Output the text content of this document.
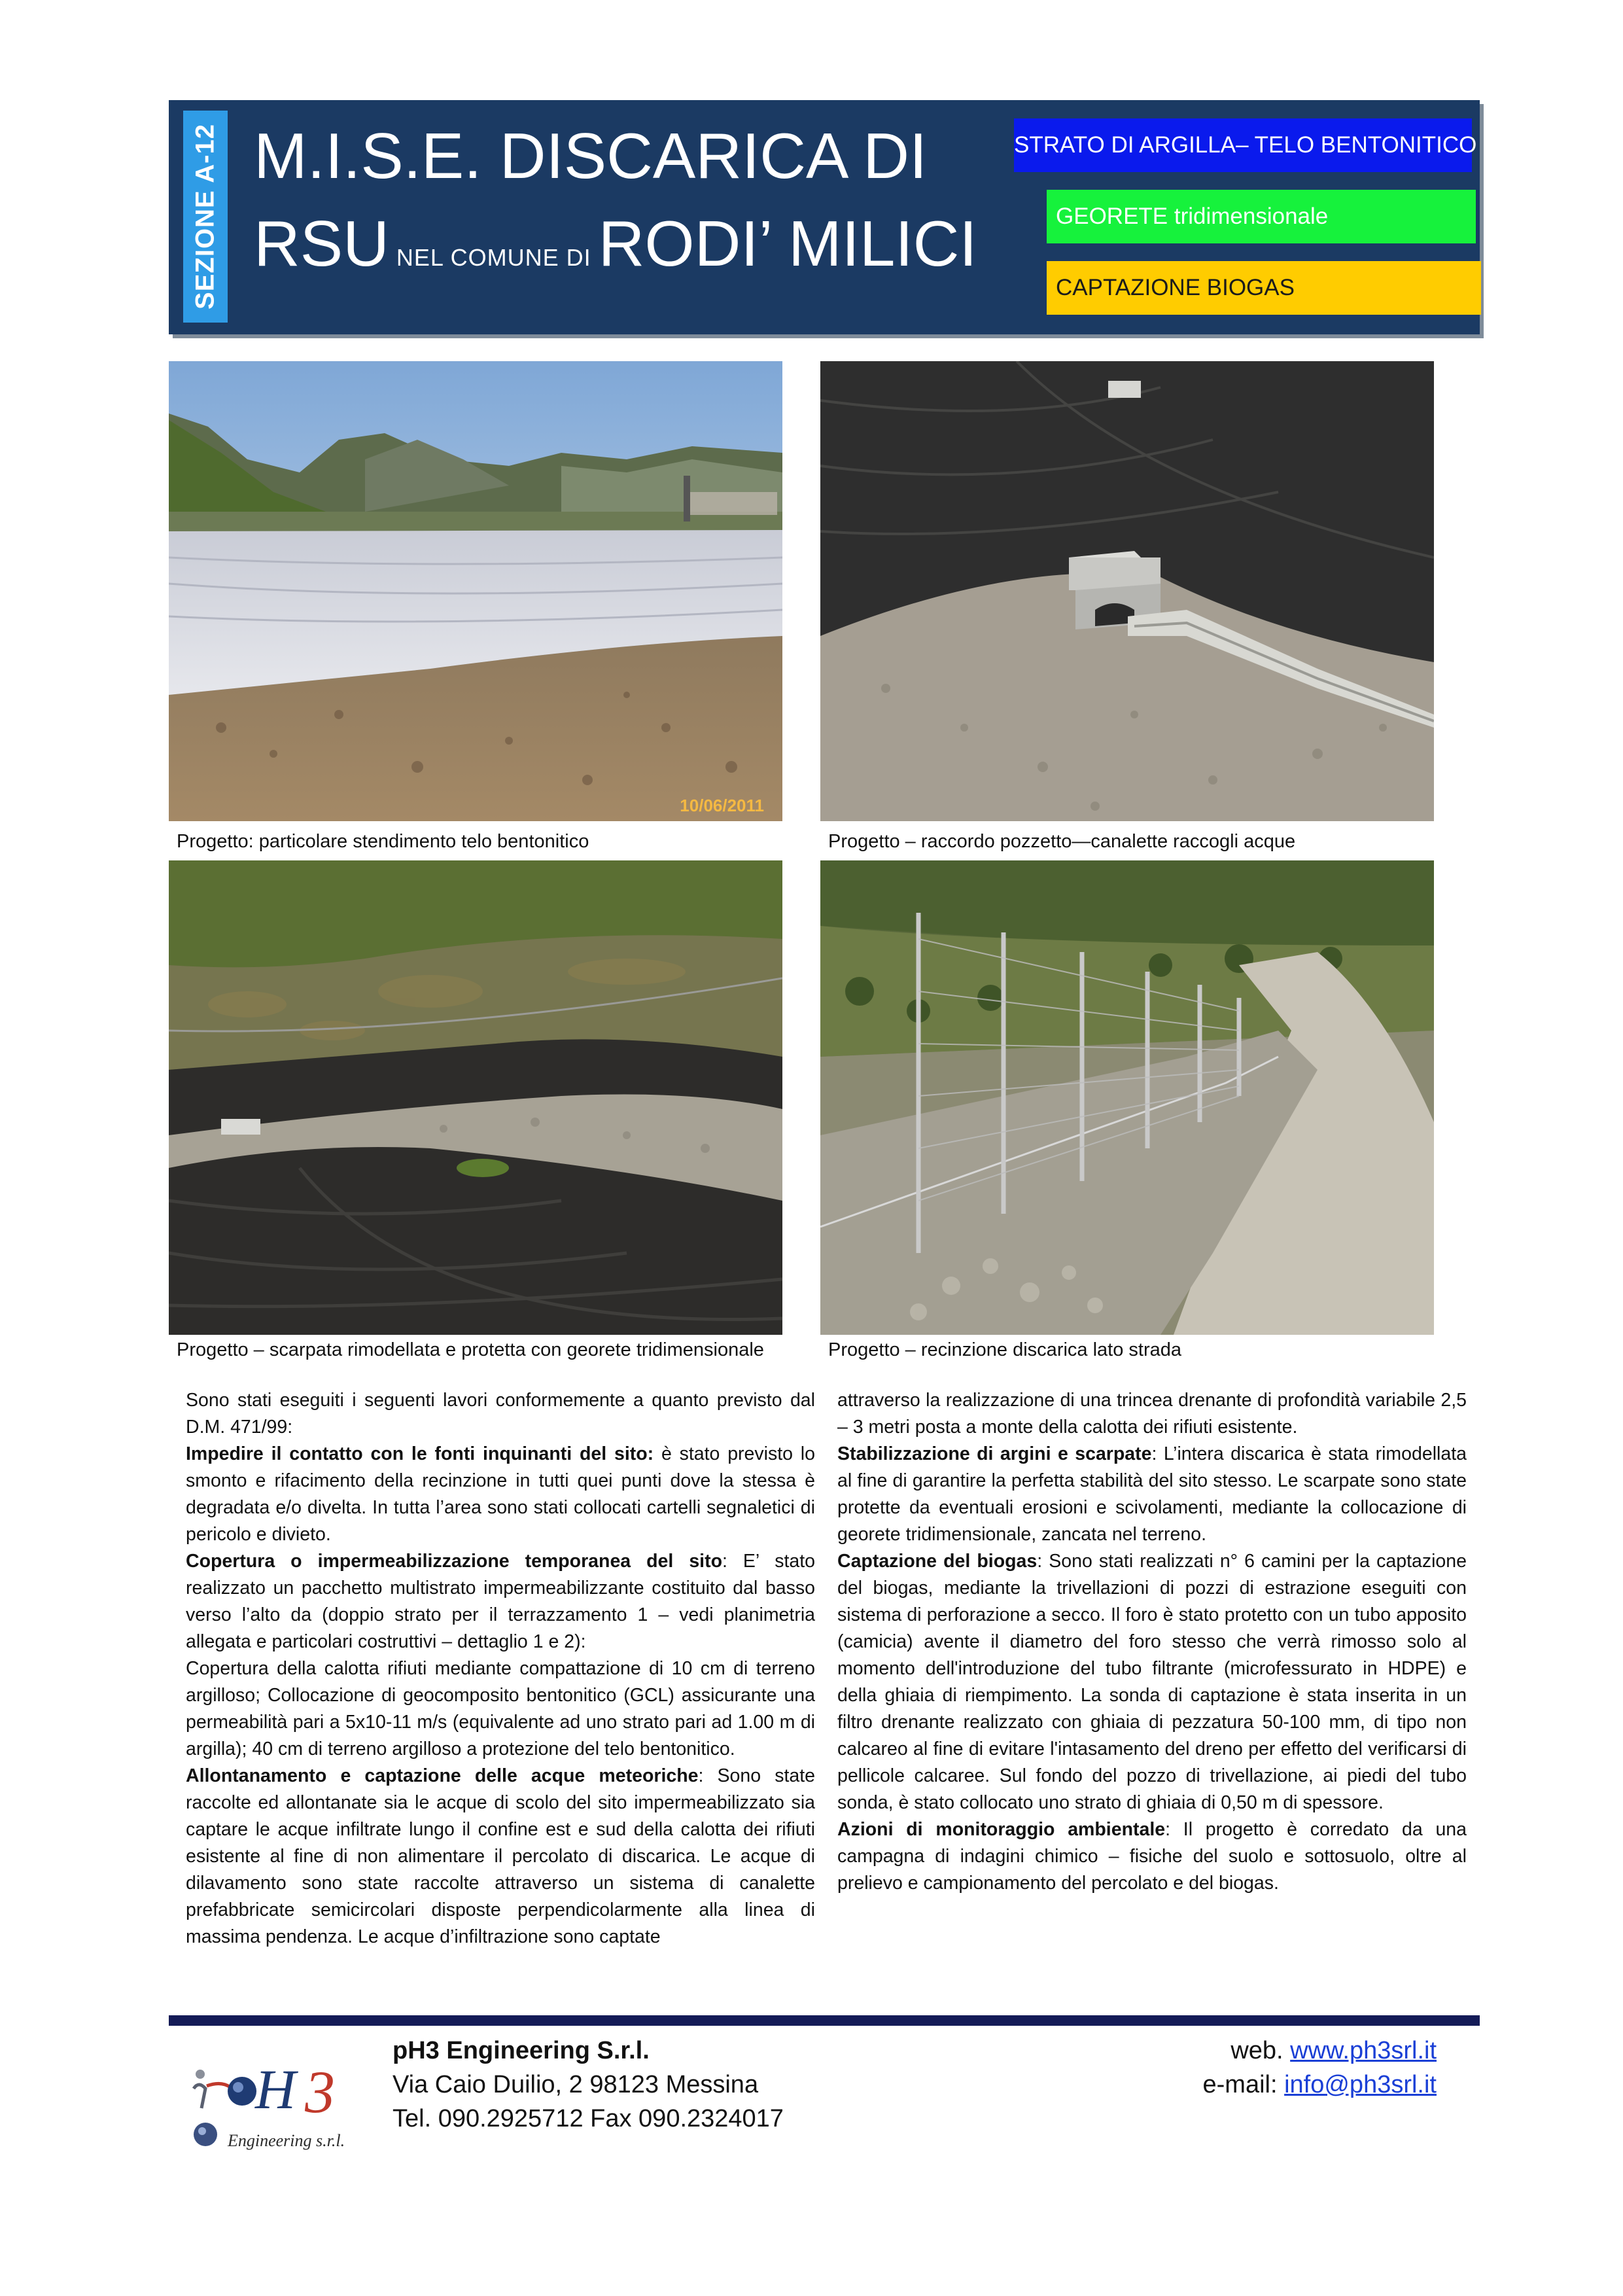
SEZIONE A-12 M.I.S.E. DISCARICA DI
RSU NEL COMUNE DI RODI’ MILICI
STRATO DI ARGILLA– TELO BENTONITICO
GEORETE tridimensionale
CAPTAZIONE BIOGAS
10/06/2011
Progetto: particolare stendimento telo bentonitico	Progetto – raccordo pozzetto—canalette raccogli acque
Progetto – scarpata rimodellata e protetta con georete tridimensionale	Progetto – recinzione discarica lato strada

Sono stati eseguiti i seguenti lavori conformemente a quanto previsto dal D.M. 471/99:

Impedire il contatto con le fonti inquinanti del sito: è stato previsto lo smonto e rifacimento della recinzione in tutti quei punti dove la stessa è degradata e/o divelta. In tutta l’area sono stati collocati cartelli segnaletici di pericolo e divieto.

Copertura o impermeabilizzazione temporanea del sito: E’ stato realizzato un pacchetto multistrato impermeabilizzante costituito dal basso verso l’alto da (doppio strato per il terrazzamento 1 – vedi planimetria allegata e particolari costruttivi – dettaglio 1 e 2):

Copertura della calotta rifiuti mediante compattazione di 10 cm di terreno argilloso; Collocazione di geocomposito bentonitico (GCL) assicurante una permeabilità pari a 5x10-11 m/s (equivalente ad uno strato pari ad 1.00 m di argilla); 40 cm di terreno argilloso a protezione del telo bentonitico.

Allontanamento e captazione delle acque meteoriche: Sono state raccolte ed allontanate sia le acque di scolo del sito impermeabilizzato sia captare le acque infiltrate lungo il confine est e sud della calotta dei rifiuti esistente al fine di non alimentare il percolato di discarica. Le acque di dilavamento sono state raccolte attraverso un sistema di canalette prefabbricate semicircolari disposte perpendicolarmente alla linea di massima pendenza. Le acque d’infiltrazione sono captate

attraverso la realizzazione di una trincea drenante di profondità variabile 2,5 – 3 metri posta a monte della calotta dei rifiuti esistente.

Stabilizzazione di argini e scarpate: L’intera discarica è stata rimodellata al fine di garantire la perfetta stabilità del sito stesso. Le scarpate sono state protette da eventuali erosioni e scivolamenti, mediante la collocazione di georete tridimensionale, zancata nel terreno.

Captazione del biogas: Sono stati realizzati n° 6 camini per la captazione del biogas, mediante la trivellazioni di pozzi di estrazione eseguiti con sistema di perforazione a secco. Il foro è stato protetto con un tubo apposito (camicia) avente il diametro del foro stesso che verrà rimosso solo al momento dell'introduzione del tubo filtrante (microfessurato in HDPE) e della ghiaia di riempimento. La sonda di captazione è stata inserita in un filtro drenante realizzato con ghiaia di pezzatura 50-100 mm, di tipo non calcareo al fine di evitare l'intasamento del dreno per effetto del verificarsi di pellicole calcaree. Sul fondo del pozzo di trivellazione, ai piedi del tubo sonda, è stato collocato uno strato di ghiaia di 0,50 m di spessore.

Azioni di monitoraggio ambientale: Il progetto è corredato da una campagna di indagini chimico – fisiche del suolo e sottosuolo, oltre al prelievo e campionamento del percolato e del biogas.

H 3
Engineering s.r.l.
pH3 Engineering S.r.l.
Via Caio Duilio, 2 98123 Messina
Tel. 090.2925712 Fax 090.2324017
web. www.ph3srl.it
e-mail: info@ph3srl.it
